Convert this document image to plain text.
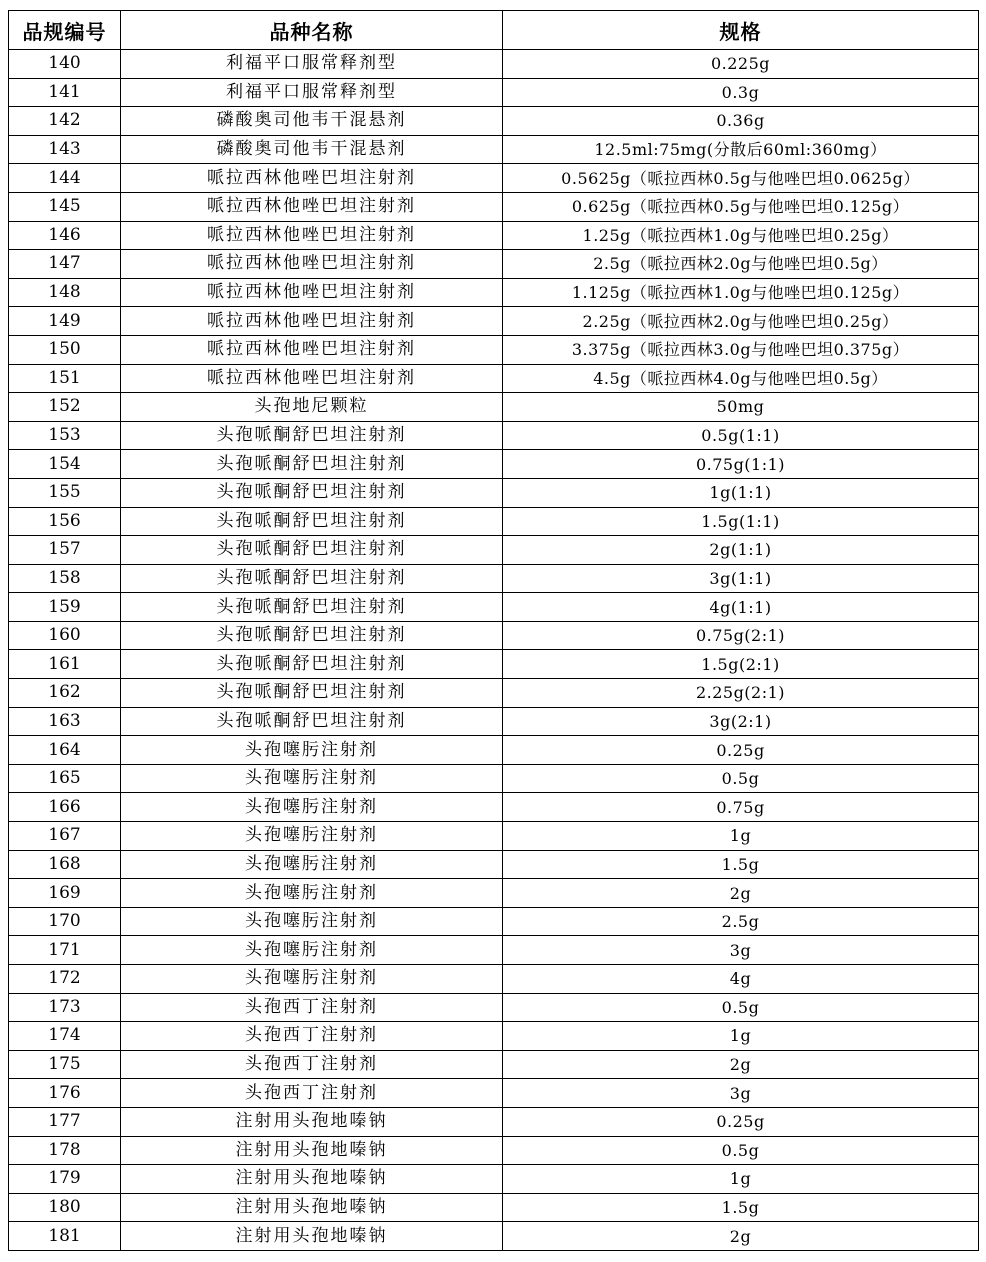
品规编号	品种名称	规格
140	利福平口服常释剂型	0.225g
141	利福平口服常释剂型	0.3g
142	磷酸奥司他韦干混悬剂	0.36g
143	磷酸奥司他韦干混悬剂	12.5ml:75mg(分散后60ml:360mg）
144	哌拉西林他唑巴坦注射剂	0.5625g（哌拉西林0.5g与他唑巴坦0.0625g）
145	哌拉西林他唑巴坦注射剂	0.625g（哌拉西林0.5g与他唑巴坦0.125g）
146	哌拉西林他唑巴坦注射剂	1.25g（哌拉西林1.0g与他唑巴坦0.25g）
147	哌拉西林他唑巴坦注射剂	2.5g（哌拉西林2.0g与他唑巴坦0.5g）
148	哌拉西林他唑巴坦注射剂	1.125g（哌拉西林1.0g与他唑巴坦0.125g）
149	哌拉西林他唑巴坦注射剂	2.25g（哌拉西林2.0g与他唑巴坦0.25g）
150	哌拉西林他唑巴坦注射剂	3.375g（哌拉西林3.0g与他唑巴坦0.375g）
151	哌拉西林他唑巴坦注射剂	4.5g（哌拉西林4.0g与他唑巴坦0.5g）
152	头孢地尼颗粒	50mg
153	头孢哌酮舒巴坦注射剂	0.5g(1:1)
154	头孢哌酮舒巴坦注射剂	0.75g(1:1)
155	头孢哌酮舒巴坦注射剂	1g(1:1)
156	头孢哌酮舒巴坦注射剂	1.5g(1:1)
157	头孢哌酮舒巴坦注射剂	2g(1:1)
158	头孢哌酮舒巴坦注射剂	3g(1:1)
159	头孢哌酮舒巴坦注射剂	4g(1:1)
160	头孢哌酮舒巴坦注射剂	0.75g(2:1)
161	头孢哌酮舒巴坦注射剂	1.5g(2:1)
162	头孢哌酮舒巴坦注射剂	2.25g(2:1)
163	头孢哌酮舒巴坦注射剂	3g(2:1)
164	头孢噻肟注射剂	0.25g
165	头孢噻肟注射剂	0.5g
166	头孢噻肟注射剂	0.75g
167	头孢噻肟注射剂	1g
168	头孢噻肟注射剂	1.5g
169	头孢噻肟注射剂	2g
170	头孢噻肟注射剂	2.5g
171	头孢噻肟注射剂	3g
172	头孢噻肟注射剂	4g
173	头孢西丁注射剂	0.5g
174	头孢西丁注射剂	1g
175	头孢西丁注射剂	2g
176	头孢西丁注射剂	3g
177	注射用头孢地嗪钠	0.25g
178	注射用头孢地嗪钠	0.5g
179	注射用头孢地嗪钠	1g
180	注射用头孢地嗪钠	1.5g
181	注射用头孢地嗪钠	2g
